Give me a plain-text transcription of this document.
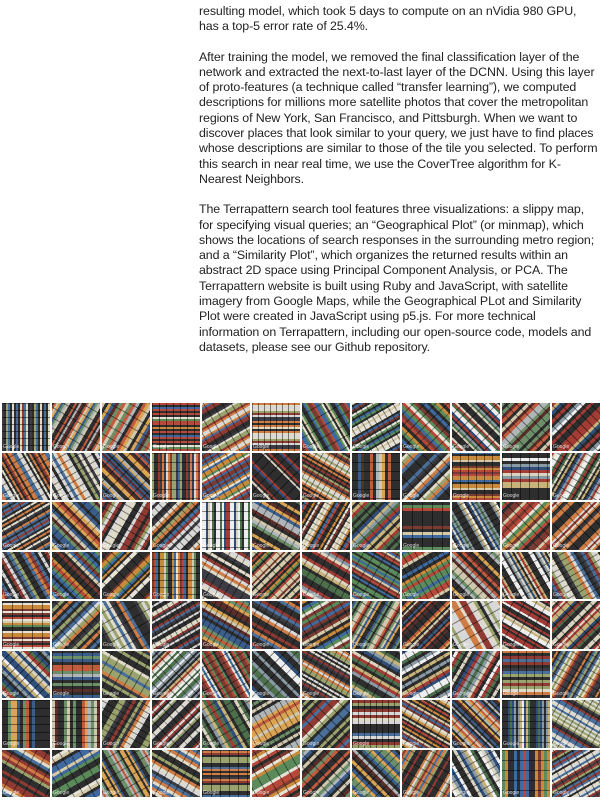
resulting model, which took 5 days to compute on an nVidia 980 GPU, has a top-5 error rate of 25.4%.

After training the model, we removed the final classification layer of the network and extracted the next-to-last layer of the DCNN. Using this layer of proto-features (a technique called “transfer learning”), we computed descriptions for millions more satellite photos that cover the metropolitan regions of New York, San Francisco, and Pittsburgh. When we want to discover places that look similar to your query, we just have to find places whose descriptions are similar to those of the tile you selected. To perform this search in near real time, we use the CoverTree algorithm for K-Nearest Neighbors.

The Terrapattern search tool features three visualizations: a slippy map, for specifying visual queries; an “Geographical Plot” (or minmap), which shows the locations of search responses in the surrounding metro region; and a “Similarity Plot”, which organizes the returned results within an abstract 2D space using Principal Component Analysis, or PCA. The Terrapattern website is built using Ruby and JavaScript, with satellite imagery from Google Maps, while the Geographical PLot and Similarity Plot were created in JavaScript using p5.js. For more technical information on Terrapattern, including our open-source code, models and datasets, please see our Github repository.

Google	Google	Google	Google	Google	Google	Google	Google	Google	Google	Google	Google
Google	Google	Google	Google	Google	Google	Google	Google	Google	Google	Google	Google
Google	Google	Google	Google	Google	Google	Google	Google	Google	Google	Google	Google
Google	Google	Google	Google	Google	Google	Google	Google	Google	Google	Google	Google
Google	Google	Google	Google	Google	Google	Google	Google	Google	Google	Google	Google
Google	Google	Google	Google	Google	Google	Google	Google	Google	Google	Google	Google
Google	Google	Google	Google	Google	Google	Google	Google	Google	Google	Google	Google
Google	Google	Google	Google	Google	Google	Google	Google	Google	Google	Google	Google
